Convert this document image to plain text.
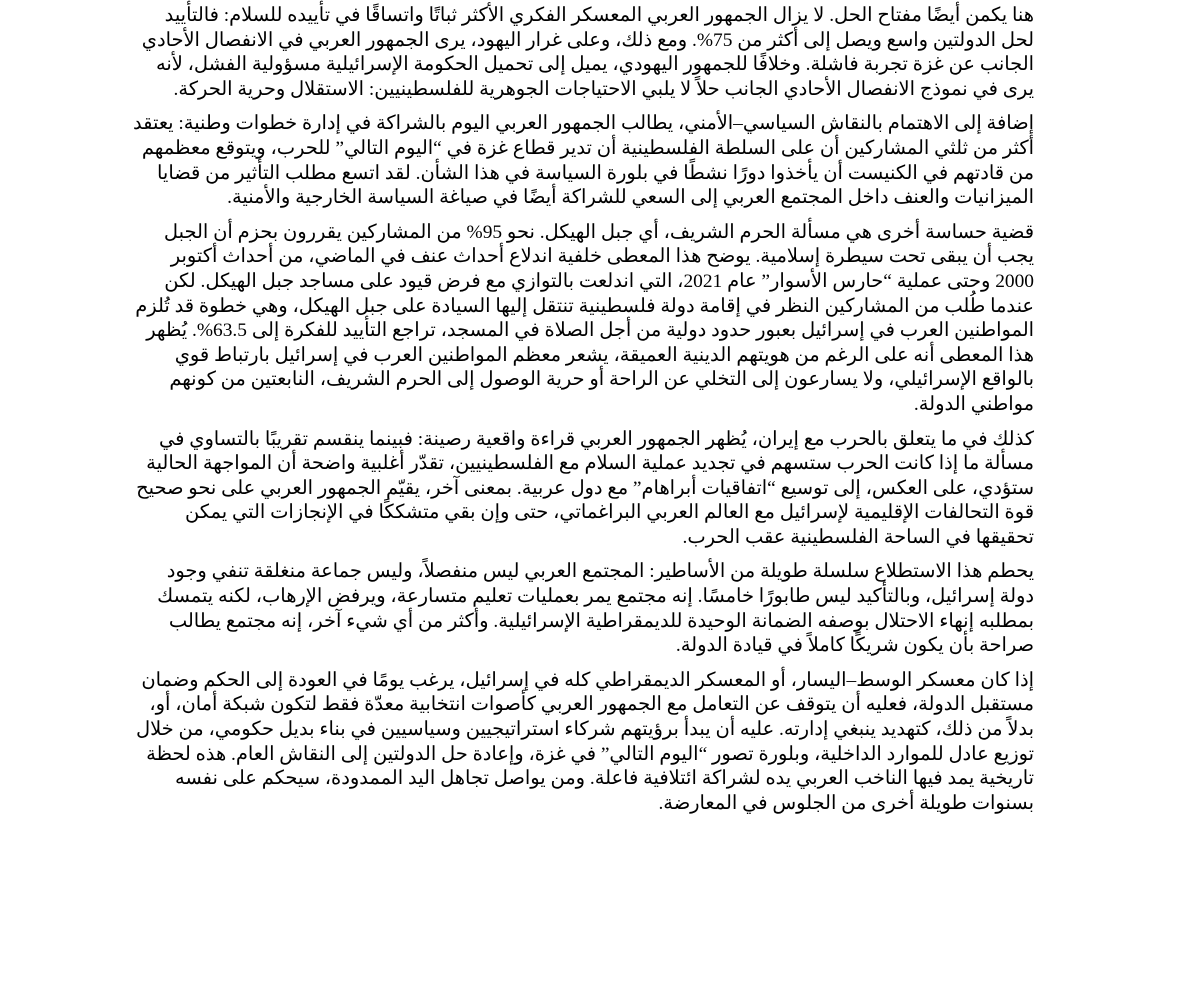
هنا يكمن أيضًا مفتاح الحل. لا يزال الجمهور العربي المعسكر الفكري الأكثر ثباتًا واتساقًا في تأييده للسلام: فالتأييد لحل الدولتين واسع ويصل إلى أكثر من 75%. ومع ذلك، وعلى غرار اليهود، يرى الجمهور العربي في الانفصال الأحادي الجانب عن غزة تجربة فاشلة. وخلافًا للجمهور اليهودي، يميل إلى تحميل الحكومة الإسرائيلية مسؤولية الفشل، لأنه يرى في نموذج الانفصال الأحادي الجانب حلاً لا يلبي الاحتياجات الجوهرية للفلسطينيين: الاستقلال وحرية الحركة.

إضافة إلى الاهتمام بالنقاش السياسي–الأمني، يطالب الجمهور العربي اليوم بالشراكة في إدارة خطوات وطنية: يعتقد أكثر من ثلثي المشاركين أن على السلطة الفلسطينية أن تدير قطاع غزة في “اليوم التالي” للحرب، ويتوقع معظمهم من قادتهم في الكنيست أن يأخذوا دورًا نشطًا في بلورة السياسة في هذا الشأن. لقد اتسع مطلب التأثير من قضايا الميزانيات والعنف داخل المجتمع العربي إلى السعي للشراكة أيضًا في صياغة السياسة الخارجية والأمنية.

قضية حساسة أخرى هي مسألة الحرم الشريف، أي جبل الهيكل. نحو 95% من المشاركين يقررون بحزم أن الجبل يجب أن يبقى تحت سيطرة إسلامية. يوضح هذا المعطى خلفية اندلاع أحداث عنف في الماضي، من أحداث أكتوبر 2000 وحتى عملية “حارس الأسوار” عام 2021، التي اندلعت بالتوازي مع فرض قيود على مساجد جبل الهيكل. لكن عندما طُلب من المشاركين النظر في إقامة دولة فلسطينية تنتقل إليها السيادة على جبل الهيكل، وهي خطوة قد تُلزم المواطنين العرب في إسرائيل بعبور حدود دولية من أجل الصلاة في المسجد، تراجع التأييد للفكرة إلى 63.5%. يُظهر هذا المعطى أنه على الرغم من هويتهم الدينية العميقة، يشعر معظم المواطنين العرب في إسرائيل بارتباط قوي بالواقع الإسرائيلي، ولا يسارعون إلى التخلي عن الراحة أو حرية الوصول إلى الحرم الشريف، النابعتين من كونهم مواطني الدولة.

كذلك في ما يتعلق بالحرب مع إيران، يُظهر الجمهور العربي قراءة واقعية رصينة: فبينما ينقسم تقريبًا بالتساوي في مسألة ما إذا كانت الحرب ستسهم في تجديد عملية السلام مع الفلسطينيين، تقدّر أغلبية واضحة أن المواجهة الحالية ستؤدي، على العكس، إلى توسيع “اتفاقيات أبراهام” مع دول عربية. بمعنى آخر، يقيّم الجمهور العربي على نحو صحيح قوة التحالفات الإقليمية لإسرائيل مع العالم العربي البراغماتي، حتى وإن بقي متشككًا في الإنجازات التي يمكن تحقيقها في الساحة الفلسطينية عقب الحرب.

يحطم هذا الاستطلاع سلسلة طويلة من الأساطير: المجتمع العربي ليس منفصلاً، وليس جماعة منغلقة تنفي وجود دولة إسرائيل، وبالتأكيد ليس طابورًا خامسًا. إنه مجتمع يمر بعمليات تعليم متسارعة، ويرفض الإرهاب، لكنه يتمسك بمطلبه إنهاء الاحتلال بوصفه الضمانة الوحيدة للديمقراطية الإسرائيلية. وأكثر من أي شيء آخر، إنه مجتمع يطالب صراحة بأن يكون شريكًا كاملاً في قيادة الدولة.

إذا كان معسكر الوسط–اليسار، أو المعسكر الديمقراطي كله في إسرائيل، يرغب يومًا في العودة إلى الحكم وضمان مستقبل الدولة، فعليه أن يتوقف عن التعامل مع الجمهور العربي كأصوات انتخابية معدّة فقط لتكون شبكة أمان، أو، بدلاً من ذلك، كتهديد ينبغي إدارته. عليه أن يبدأ برؤيتهم شركاء استراتيجيين وسياسيين في بناء بديل حكومي، من خلال توزيع عادل للموارد الداخلية، وبلورة تصور “اليوم التالي” في غزة، وإعادة حل الدولتين إلى النقاش العام. هذه لحظة تاريخية يمد فيها الناخب العربي يده لشراكة ائتلافية فاعلة. ومن يواصل تجاهل اليد الممدودة، سيحكم على نفسه بسنوات طويلة أخرى من الجلوس في المعارضة.
